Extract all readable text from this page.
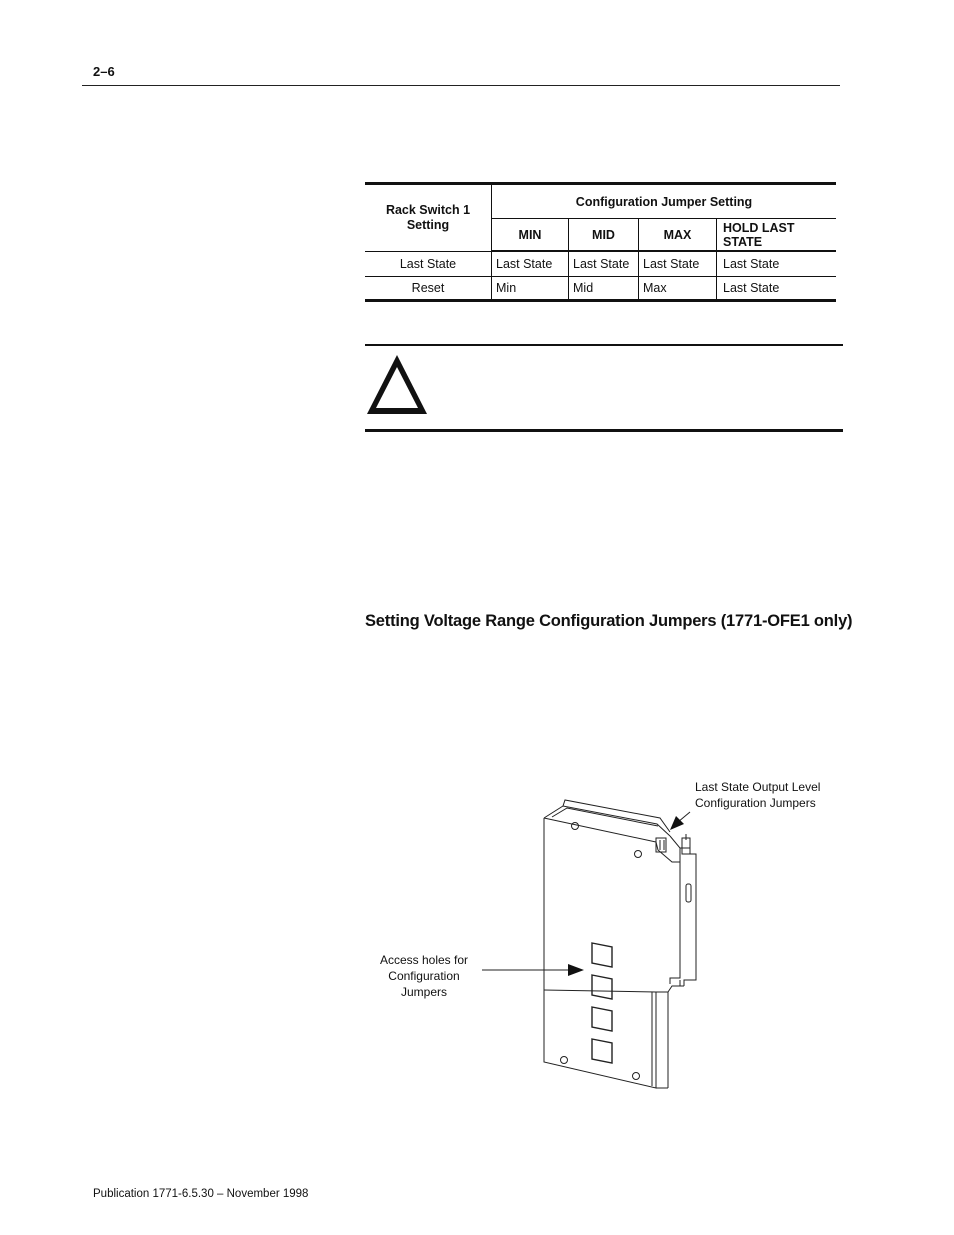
2–6
Rack Switch 1
Setting	Configuration Jumper Setting			
	MIN	MID	MAX	HOLD LAST STATE
Last State	Last State	Last State	Last State	Last State
Reset	Min	Mid	Max	Last State
Setting Voltage Range Configuration Jumpers (1771-OFE1 only)
Last State Output Level
Configuration Jumpers
Access holes for
Configuration
Jumpers
Publication 1771-6.5.30 – November 1998
